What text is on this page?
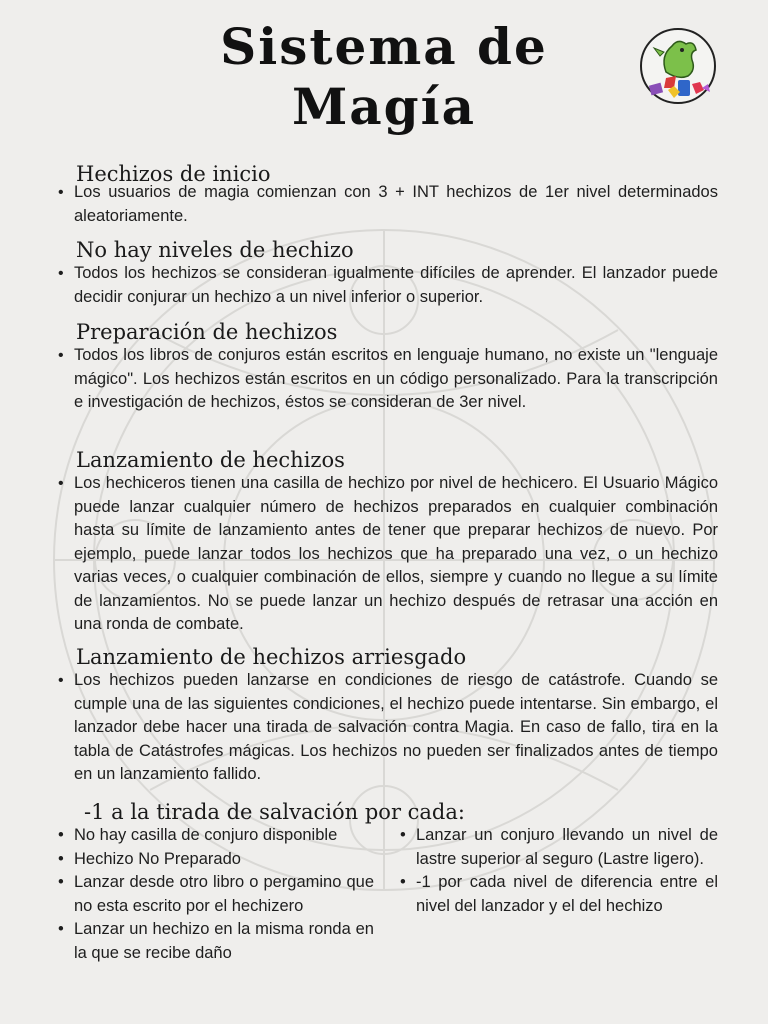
Sistema de
Magía
Hechizos de inicio
• Los usuarios de magia comienzan con 3 + INT hechizos de 1er nivel determinados aleatoriamente.
No hay niveles de hechizo
• Todos los hechizos se consideran igualmente difíciles de aprender. El lanzador puede decidir conjurar un hechizo a un nivel inferior o superior.
Preparación de hechizos
• Todos los libros de conjuros están escritos en lenguaje humano, no existe un "lenguaje mágico". Los hechizos están escritos en un código personalizado. Para la transcripción e investigación de hechizos, éstos se consideran de 3er nivel.
Lanzamiento de hechizos
• Los hechiceros tienen una casilla de hechizo por nivel de hechicero. El Usuario Mágico puede lanzar cualquier número de hechizos preparados en cualquier combinación hasta su límite de lanzamiento antes de tener que preparar hechizos de nuevo. Por ejemplo, puede lanzar todos los hechizos que ha preparado una vez, o un hechizo varias veces, o cualquier combinación de ellos, siempre y cuando no llegue a su límite de lanzamientos. No se puede lanzar un hechizo después de retrasar una acción en una ronda de combate.
Lanzamiento de hechizos arriesgado
• Los hechizos pueden lanzarse en condiciones de riesgo de catástrofe. Cuando se cumple una de las siguientes condiciones, el hechizo puede intentarse. Sin embargo, el lanzador debe hacer una tirada de salvación contra Magia. En caso de fallo, tira en la tabla de Catástrofes mágicas. Los hechizos no pueden ser finalizados antes de tiempo en un lanzamiento fallido.
-1 a la tirada de salvación por cada:
• No hay casilla de conjuro disponible
• Hechizo No Preparado
• Lanzar desde otro libro o pergamino que no esta escrito por el hechizero
• Lanzar un hechizo en la misma ronda en la que se recibe daño
• Lanzar un conjuro llevando un nivel de lastre superior al seguro (Lastre ligero).
• -1 por cada nivel de diferencia entre el nivel del lanzador y el del hechizo
